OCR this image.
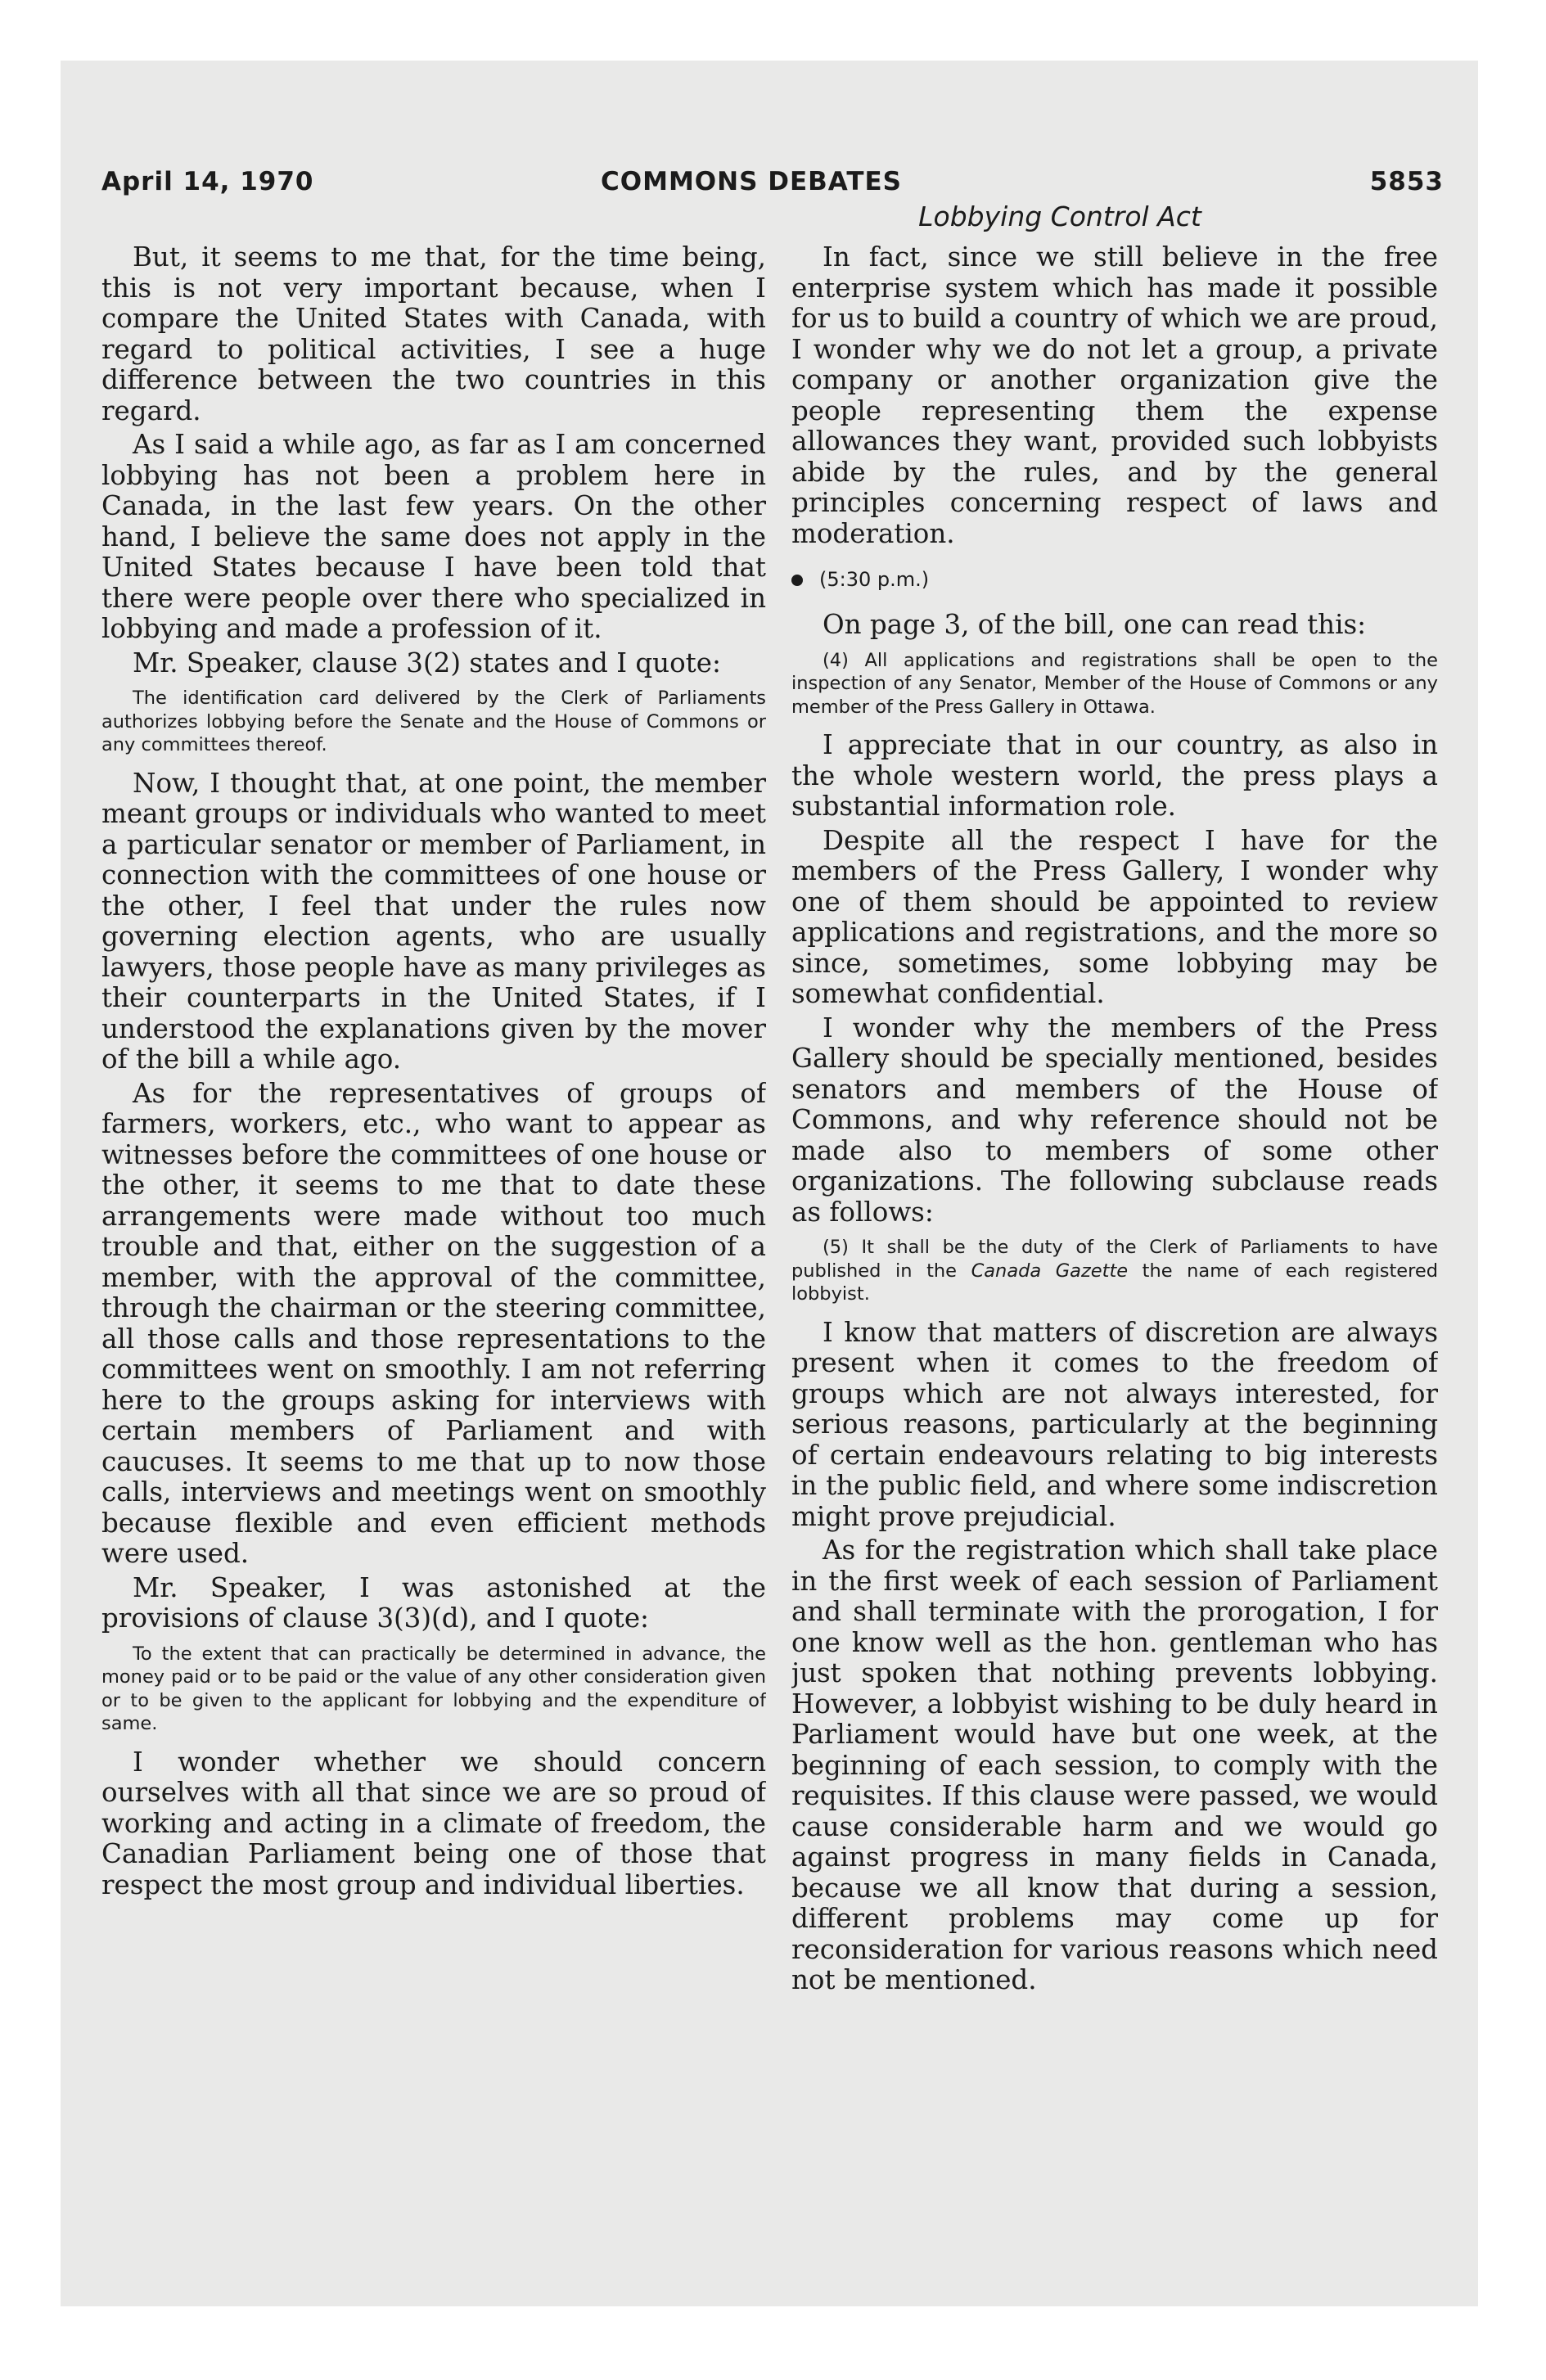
April 14, 1970	COMMONS DEBATES	5853
Lobbying Control Act

But, it seems to me that, for the time being, this is not very important because, when I compare the United States with Canada, with regard to political activities, I see a huge difference between the two countries in this regard.

As I said a while ago, as far as I am concerned lobbying has not been a problem here in Canada, in the last few years. On the other hand, I believe the same does not apply in the United States because I have been told that there were people over there who specialized in lobbying and made a profession of it.

Mr. Speaker, clause 3(2) states and I quote:

The identification card delivered by the Clerk of Parliaments authorizes lobbying before the Senate and the House of Commons or any committees thereof.

Now, I thought that, at one point, the member meant groups or individuals who wanted to meet a particular senator or member of Parliament, in connection with the committees of one house or the other, I feel that under the rules now governing election agents, who are usually lawyers, those people have as many privileges as their counterparts in the United States, if I understood the explanations given by the mover of the bill a while ago.

As for the representatives of groups of farmers, workers, etc., who want to appear as witnesses before the committees of one house or the other, it seems to me that to date these arrangements were made without too much trouble and that, either on the suggestion of a member, with the approval of the committee, through the chairman or the steering committee, all those calls and those representations to the committees went on smoothly. I am not referring here to the groups asking for interviews with certain members of Parliament and with caucuses. It seems to me that up to now those calls, interviews and meetings went on smoothly because flexible and even efficient methods were used.

Mr. Speaker, I was astonished at the provisions of clause 3(3)(d), and I quote:

To the extent that can practically be determined in advance, the money paid or to be paid or the value of any other consideration given or to be given to the applicant for lobbying and the expenditure of same.

I wonder whether we should concern ourselves with all that since we are so proud of working and acting in a climate of freedom, the Canadian Parliament being one of those that respect the most group and individual liberties.

In fact, since we still believe in the free enterprise system which has made it possible for us to build a country of which we are proud, I wonder why we do not let a group, a private company or another organization give the people representing them the expense allowances they want, provided such lobbyists abide by the rules, and by the general principles concerning respect of laws and moderation.

(5:30 p.m.)

On page 3, of the bill, one can read this:

(4) All applications and registrations shall be open to the inspection of any Senator, Member of the House of Commons or any member of the Press Gallery in Ottawa.

I appreciate that in our country, as also in the whole western world, the press plays a substantial information role.

Despite all the respect I have for the members of the Press Gallery, I wonder why one of them should be appointed to review applications and registrations, and the more so since, sometimes, some lobbying may be somewhat confidential.

I wonder why the members of the Press Gallery should be specially mentioned, besides senators and members of the House of Commons, and why reference should not be made also to members of some other organizations. The following subclause reads as follows:

(5) It shall be the duty of the Clerk of Parliaments to have published in the Canada Gazette the name of each registered lobbyist.

I know that matters of discretion are always present when it comes to the freedom of groups which are not always interested, for serious reasons, particularly at the beginning of certain endeavours relating to big interests in the public field, and where some indiscretion might prove prejudicial.

As for the registration which shall take place in the first week of each session of Parliament and shall terminate with the prorogation, I for one know well as the hon. gentleman who has just spoken that nothing prevents lobbying. However, a lobbyist wishing to be duly heard in Parliament would have but one week, at the beginning of each session, to comply with the requisites. If this clause were passed, we would cause considerable harm and we would go against progress in many fields in Canada, because we all know that during a session, different problems may come up for reconsideration for various reasons which need not be mentioned.
